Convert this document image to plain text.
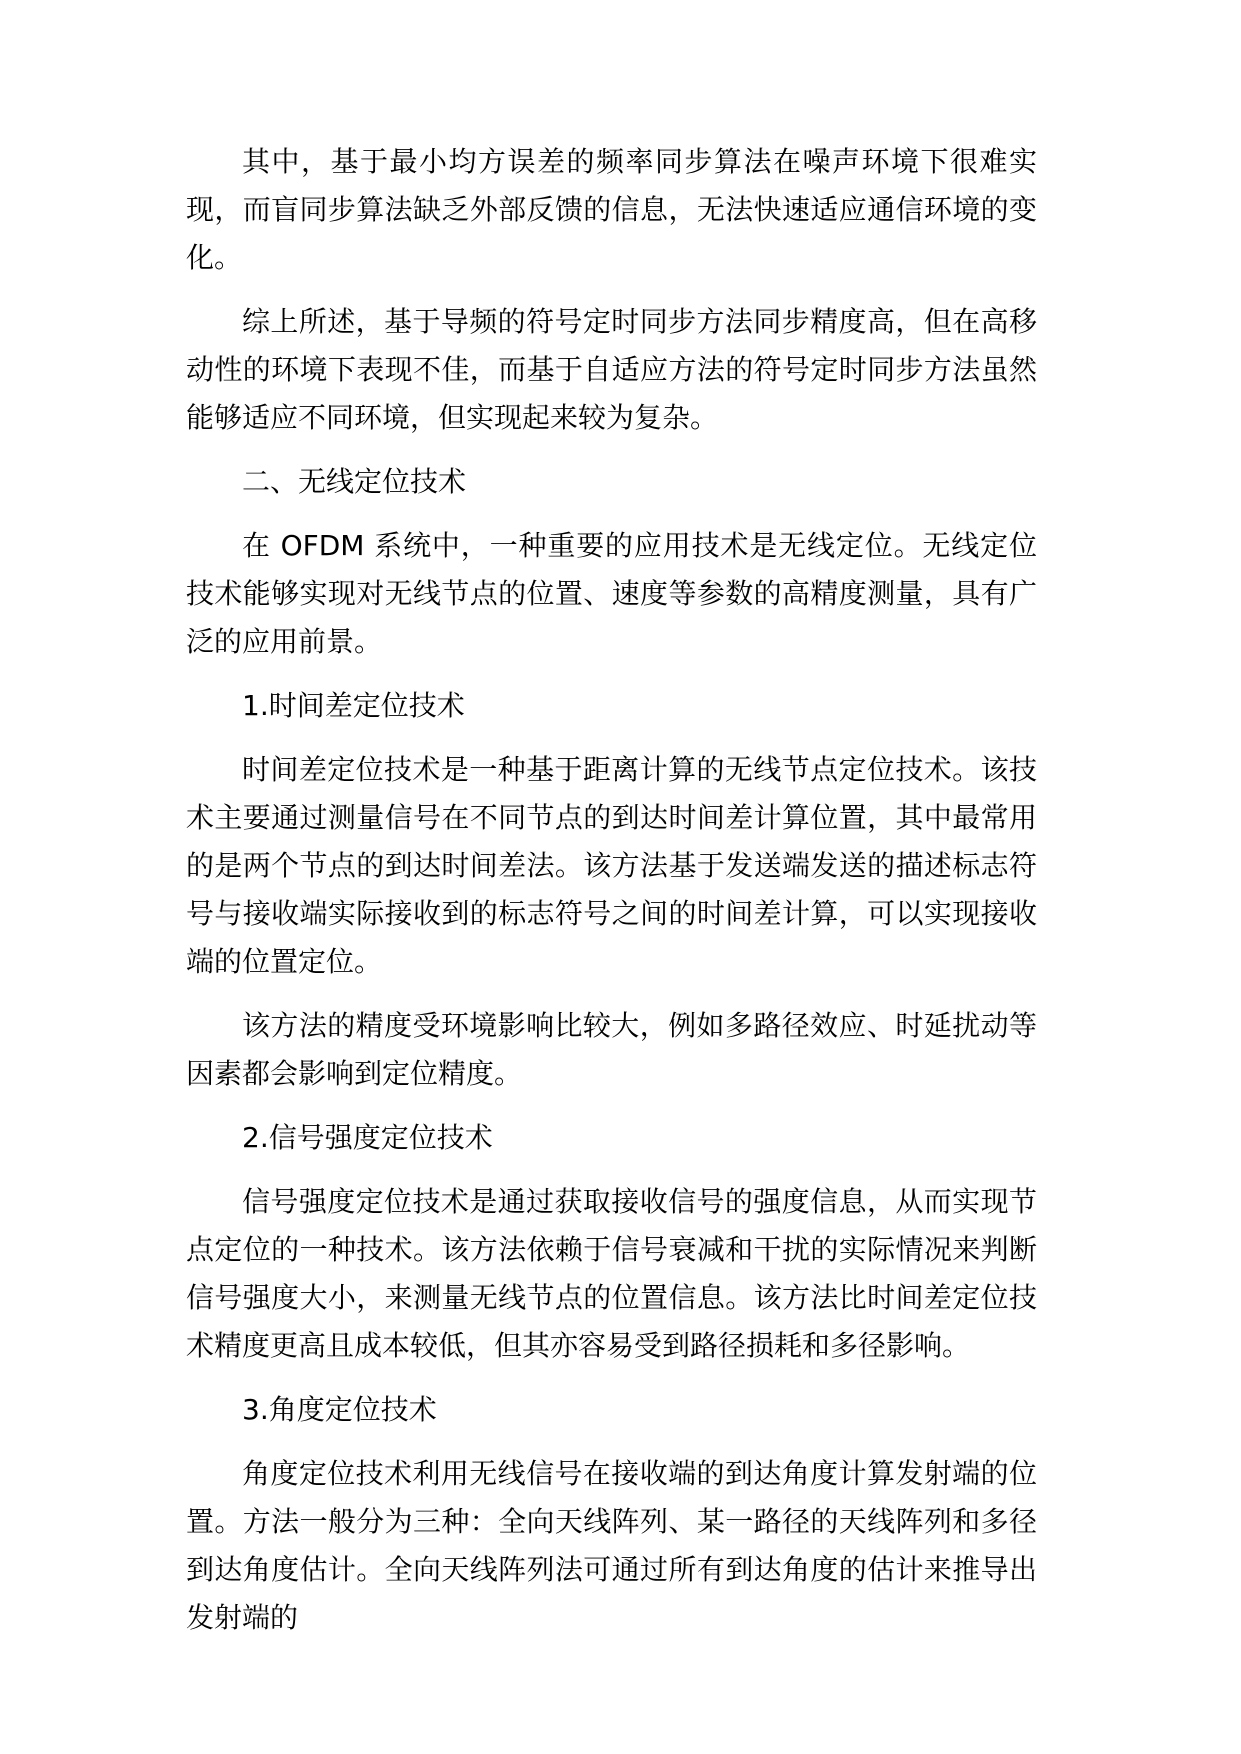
其中，基于最小均方误差的频率同步算法在噪声环境下很难实现，而盲同步算法缺乏外部反馈的信息，无法快速适应通信环境的变化。

综上所述，基于导频的符号定时同步方法同步精度高，但在高移动性的环境下表现不佳，而基于自适应方法的符号定时同步方法虽然能够适应不同环境，但实现起来较为复杂。

二、无线定位技术

在 OFDM 系统中，一种重要的应用技术是无线定位。无线定位技术能够实现对无线节点的位置、速度等参数的高精度测量，具有广泛的应用前景。

1.时间差定位技术

时间差定位技术是一种基于距离计算的无线节点定位技术。该技术主要通过测量信号在不同节点的到达时间差计算位置，其中最常用的是两个节点的到达时间差法。该方法基于发送端发送的描述标志符号与接收端实际接收到的标志符号之间的时间差计算，可以实现接收端的位置定位。

该方法的精度受环境影响比较大，例如多路径效应、时延扰动等因素都会影响到定位精度。

2.信号强度定位技术

信号强度定位技术是通过获取接收信号的强度信息，从而实现节点定位的一种技术。该方法依赖于信号衰减和干扰的实际情况来判断信号强度大小，来测量无线节点的位置信息。该方法比时间差定位技术精度更高且成本较低，但其亦容易受到路径损耗和多径影响。

3.角度定位技术

角度定位技术利用无线信号在接收端的到达角度计算发射端的位置。方法一般分为三种：全向天线阵列、某一路径的天线阵列和多径到达角度估计。全向天线阵列法可通过所有到达角度的估计来推导出发射端的
